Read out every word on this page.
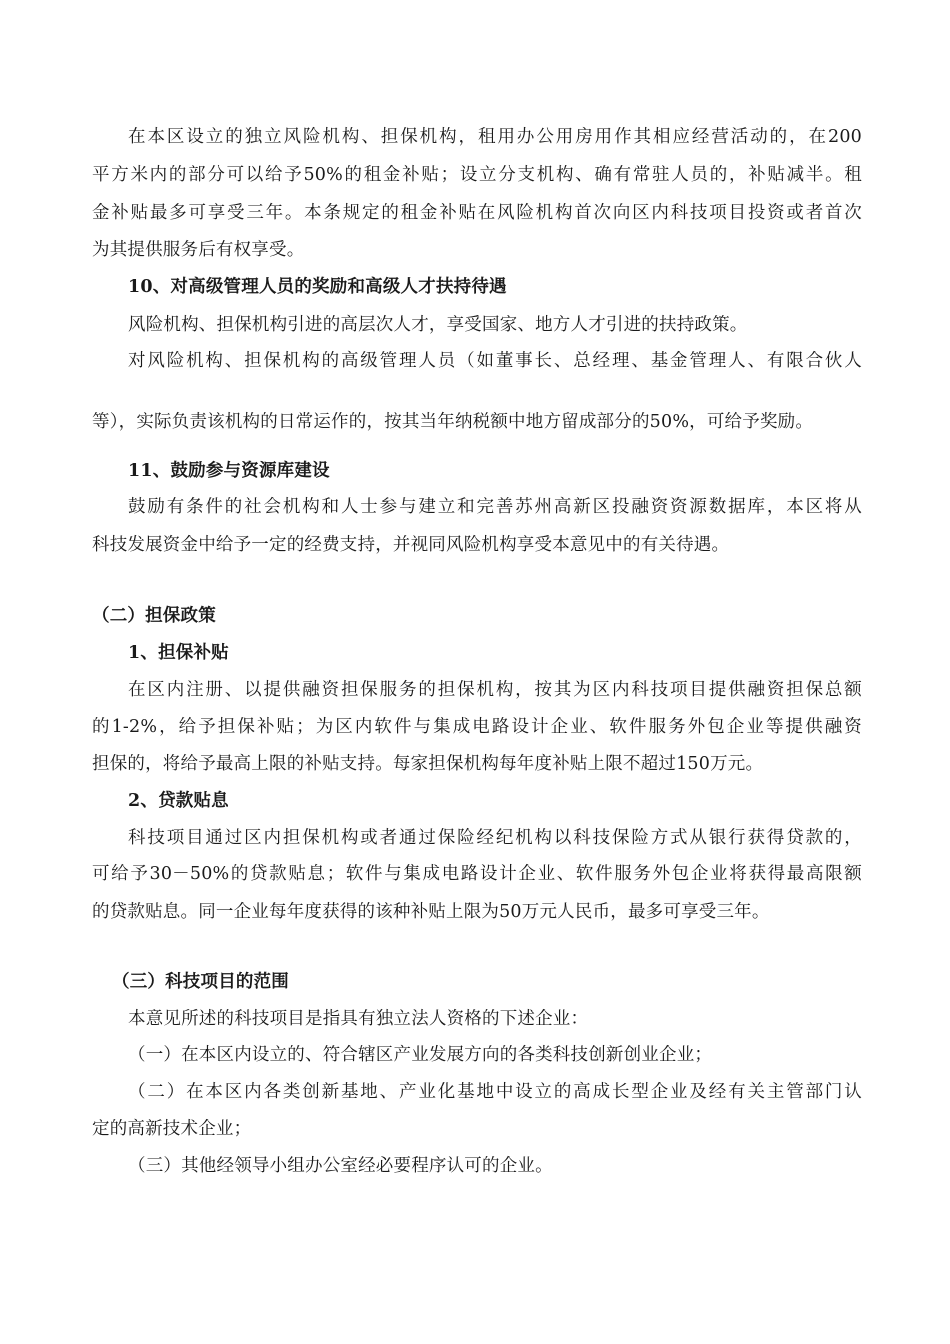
在本区设立的独立风险机构、担保机构，租用办公用房用作其相应经营活动的，在200
平方米内的部分可以给予50%的租金补贴；设立分支机构、确有常驻人员的，补贴减半。租
金补贴最多可享受三年。本条规定的租金补贴在风险机构首次向区内科技项目投资或者首次
为其提供服务后有权享受。
10、对高级管理人员的奖励和高级人才扶持待遇
风险机构、担保机构引进的高层次人才，享受国家、地方人才引进的扶持政策。
对风险机构、担保机构的高级管理人员（如董事长、总经理、基金管理人、有限合伙人
等），实际负责该机构的日常运作的，按其当年纳税额中地方留成部分的50%，可给予奖励。
11、鼓励参与资源库建设
鼓励有条件的社会机构和人士参与建立和完善苏州高新区投融资资源数据库，本区将从
科技发展资金中给予一定的经费支持，并视同风险机构享受本意见中的有关待遇。
（二）担保政策
1、担保补贴
在区内注册、以提供融资担保服务的担保机构，按其为区内科技项目提供融资担保总额
的1-2%，给予担保补贴；为区内软件与集成电路设计企业、软件服务外包企业等提供融资
担保的，将给予最高上限的补贴支持。每家担保机构每年度补贴上限不超过150万元。
2、贷款贴息
科技项目通过区内担保机构或者通过保险经纪机构以科技保险方式从银行获得贷款的，
可给予30－50%的贷款贴息；软件与集成电路设计企业、软件服务外包企业将获得最高限额
的贷款贴息。同一企业每年度获得的该种补贴上限为50万元人民币，最多可享受三年。
（三）科技项目的范围
本意见所述的科技项目是指具有独立法人资格的下述企业：
（一）在本区内设立的、符合辖区产业发展方向的各类科技创新创业企业；
（二）在本区内各类创新基地、产业化基地中设立的高成长型企业及经有关主管部门认
定的高新技术企业；
（三）其他经领导小组办公室经必要程序认可的企业。
